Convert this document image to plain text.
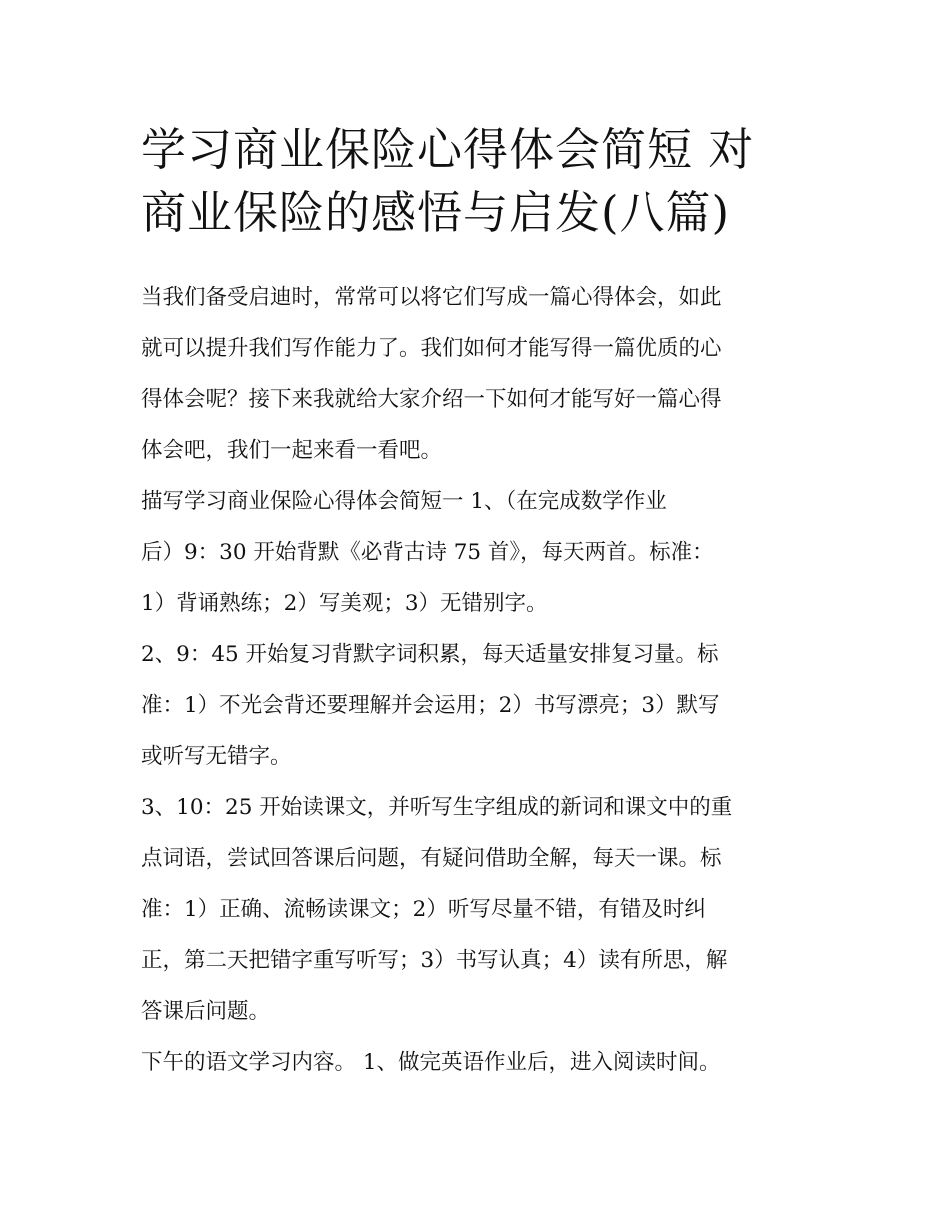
学习商业保险心得体会简短 对
商业保险的感悟与启发(八篇)

当我们备受启迪时，常常可以将它们写成一篇心得体会，如此
就可以提升我们写作能力了。我们如何才能写得一篇优质的心
得体会呢？接下来我就给大家介绍一下如何才能写好一篇心得
体会吧，我们一起来看一看吧。

描写学习商业保险心得体会简短一 1、（在完成数学作业
后）9：30 开始背默《必背古诗 75 首》，每天两首。标准：
1）背诵熟练；2）写美观；3）无错别字。

2、9：45 开始复习背默字词积累，每天适量安排复习量。标
准：1）不光会背还要理解并会运用；2）书写漂亮；3）默写
或听写无错字。

3、10：25 开始读课文，并听写生字组成的新词和课文中的重
点词语，尝试回答课后问题，有疑问借助全解，每天一课。标
准：1）正确、流畅读课文；2）听写尽量不错，有错及时纠
正，第二天把错字重写听写；3）书写认真；4）读有所思，解
答课后问题。

下午的语文学习内容。 1、做完英语作业后，进入阅读时间。
